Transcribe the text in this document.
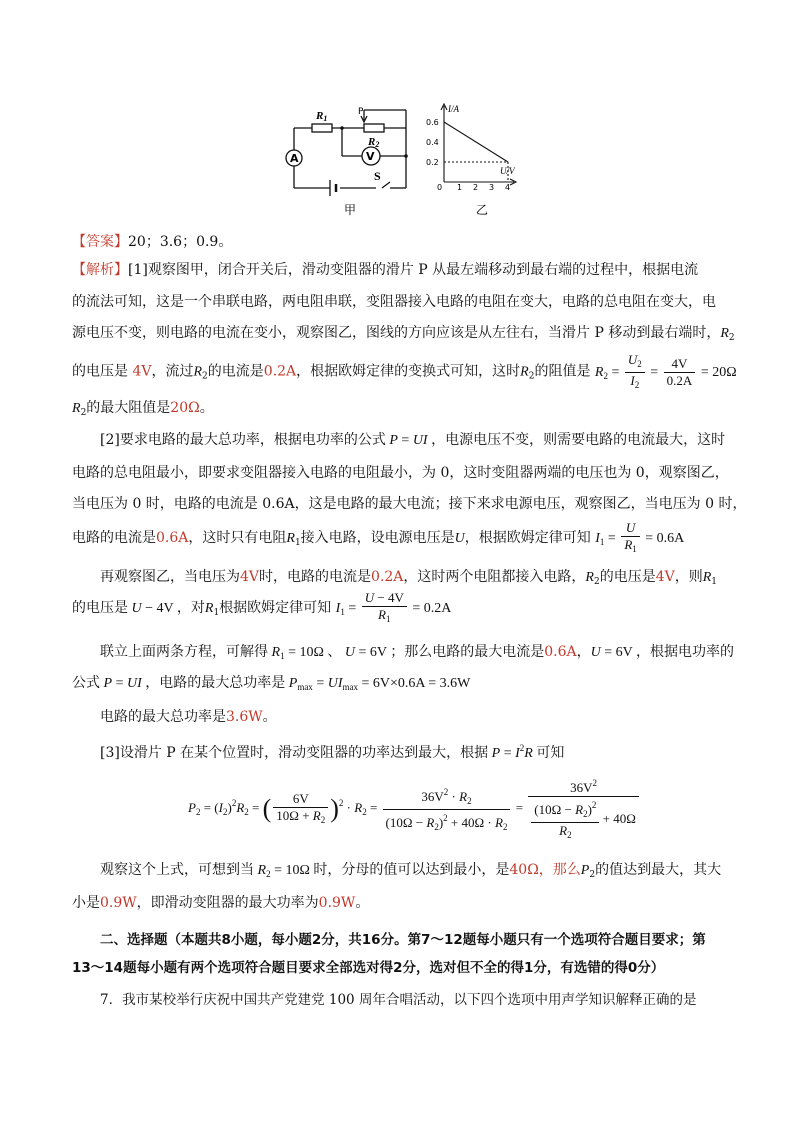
A	V
R1
R2
P
S
甲
I/A
U/V
0.6
0.4
0.2
0 1 2 3 4
乙
【答案】20；3.6；0.9。
【解析】[1]观察图甲，闭合开关后，滑动变阻器的滑片 P 从最左端移动到最右端的过程中，根据电流
的流法可知，这是一个串联电路，两电阻串联，变阻器接入电路的电阻在变大，电路的总电阻在变大，电
源电压不变，则电路的电流在变小，观察图乙，图线的方向应该是从左往右，当滑片 P 移动到最右端时，$R_2$
的电压是 4V，流过$R_2$的电流是0.2A，根据欧姆定律的变换式可知，这时$R_2$的阻值是 $R_2 = \frac{U_2}{I_2} = \frac{4V}{0.2A} = 20\Omega$
$R_2$的最大阻值是20Ω。
[2]要求电路的最大总功率，根据电功率的公式 P = UI ，电源电压不变，则需要电路的电流最大，这时
电路的总电阻最小，即要求变阻器接入电路的电阻最小，为 0，这时变阻器两端的电压也为 0，观察图乙，
当电压为 0 时，电路的电流是 0.6A，这是电路的最大电流；接下来求电源电压，观察图乙，当电压为 0 时，
电路的电流是0.6A，这时只有电阻$R_1$接入电路，设电源电压是U，根据欧姆定律可知 $I_1 = \frac{U}{R_1} = 0.6A$
再观察图乙，当电压为4V时，电路的电流是0.2A，这时两个电阻都接入电路，$R_2$的电压是4V，则$R_1$
的电压是 U − 4V ，对$R_1$根据欧姆定律可知 $I_1 = \frac{U - 4V}{R_1} = 0.2A$
联立上面两条方程，可解得 $R_1 = 10\Omega$ 、 U = 6V ；那么电路的最大电流是0.6A，U = 6V ，根据电功率的
公式 P = UI ，电路的最大总功率是 $P_{max} = UI_{max} = 6V\times 0.6A = 3.6W$
电路的最大总功率是3.6W。
[3]设滑片 P 在某个位置时，滑动变阻器的功率达到最大，根据 $P = I^2R$ 可知
$P_2 = (I_2)^2R_2$ = ( $\frac{6V}{10\Omega + R_2} )^2 \cdot R_2 = \frac{36V^2 \cdot R_2}{(10\Omega - R_2)^2 + 40\Omega \cdot R_2} = \frac{36V^2}{\frac{(10\Omega - R_2)^2}{R_2} + 40\Omega}$
观察这个上式，可想到当 $R_2 = 10\Omega$ 时，分母的值可以达到最小，是40Ω，那么$P_2$的值达到最大，其大
小是0.9W，即滑动变阻器的最大功率为0.9W。
二、选择题（本题共8小题，每小题2分，共16分。第7～12题每小题只有一个选项符合题目要求；第
13～14题每小题有两个选项符合题目要求全部选对得2分，选对但不全的得1分，有选错的得0分）
7．我市某校举行庆祝中国共产党建党 100 周年合唱活动，以下四个选项中用声学知识解释正确的是
